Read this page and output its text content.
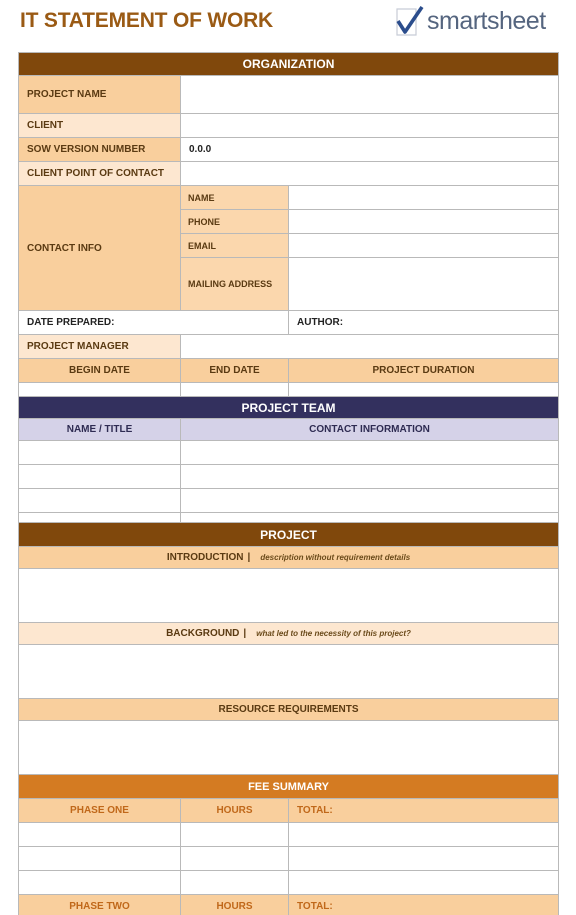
IT STATEMENT OF WORK	smartsheet
ORGANIZATION		
PROJECT NAME		
CLIENT		
SOW VERSION NUMBER	0.0.0	
CLIENT POINT OF CONTACT		
CONTACT INFO	NAME	
	PHONE	
	EMAIL	
	MAILING ADDRESS	
DATE PREPARED:		AUTHOR:
PROJECT MANAGER		
BEGIN DATE	END DATE	PROJECT DURATION

PROJECT TEAM	
NAME / TITLE	CONTACT INFORMATION

PROJECT		
INTRODUCTION | description without requirement details		

BACKGROUND | what led to the necessity of this project?		

RESOURCE REQUIREMENTS		

FEE SUMMARY		
PHASE ONE	HOURS	TOTAL:

PHASE TWO	HOURS	TOTAL:
